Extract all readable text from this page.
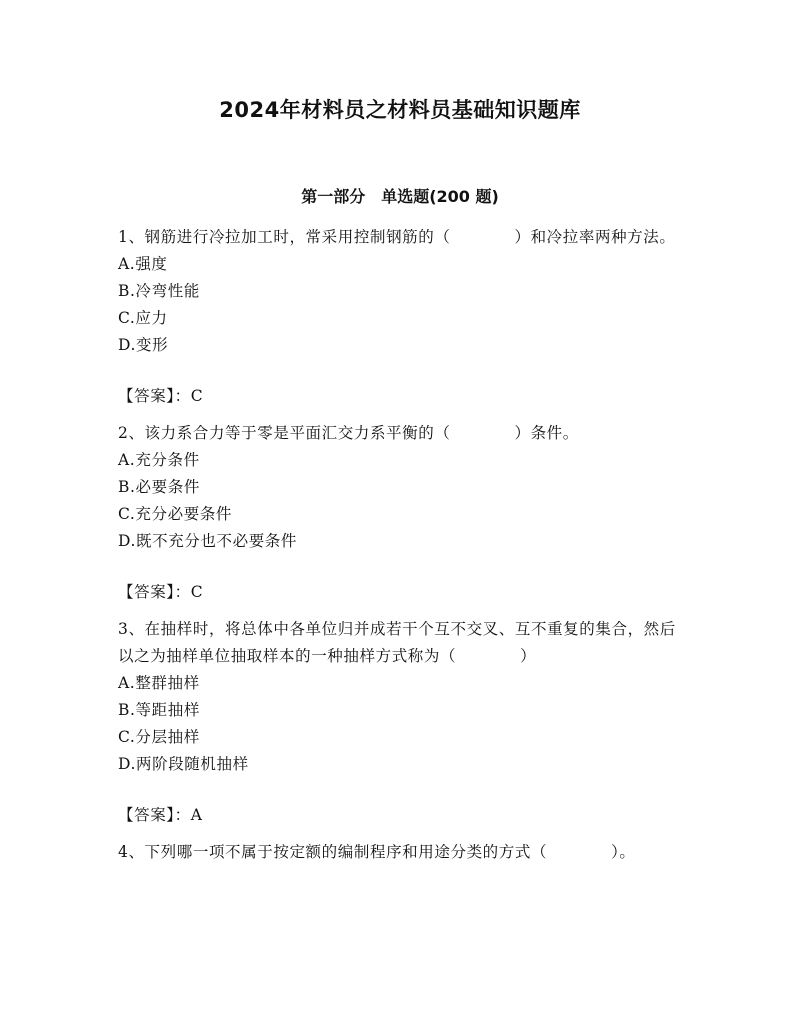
2024年材料员之材料员基础知识题库
第一部分　单选题(200 题)

1、钢筋进行冷拉加工时，常采用控制钢筋的（	）和冷拉率两种方法。

A.强度

B.冷弯性能

C.应力

D.变形

【答案】：C

2、该力系合力等于零是平面汇交力系平衡的（	）条件。

A.充分条件

B.必要条件

C.充分必要条件

D.既不充分也不必要条件

【答案】：C

3、在抽样时，将总体中各单位归并成若干个互不交叉、互不重复的集合，然后以之为抽样单位抽取样本的一种抽样方式称为（	）

A.整群抽样

B.等距抽样

C.分层抽样

D.两阶段随机抽样

【答案】：A

4、下列哪一项不属于按定额的编制程序和用途分类的方式（	）。
